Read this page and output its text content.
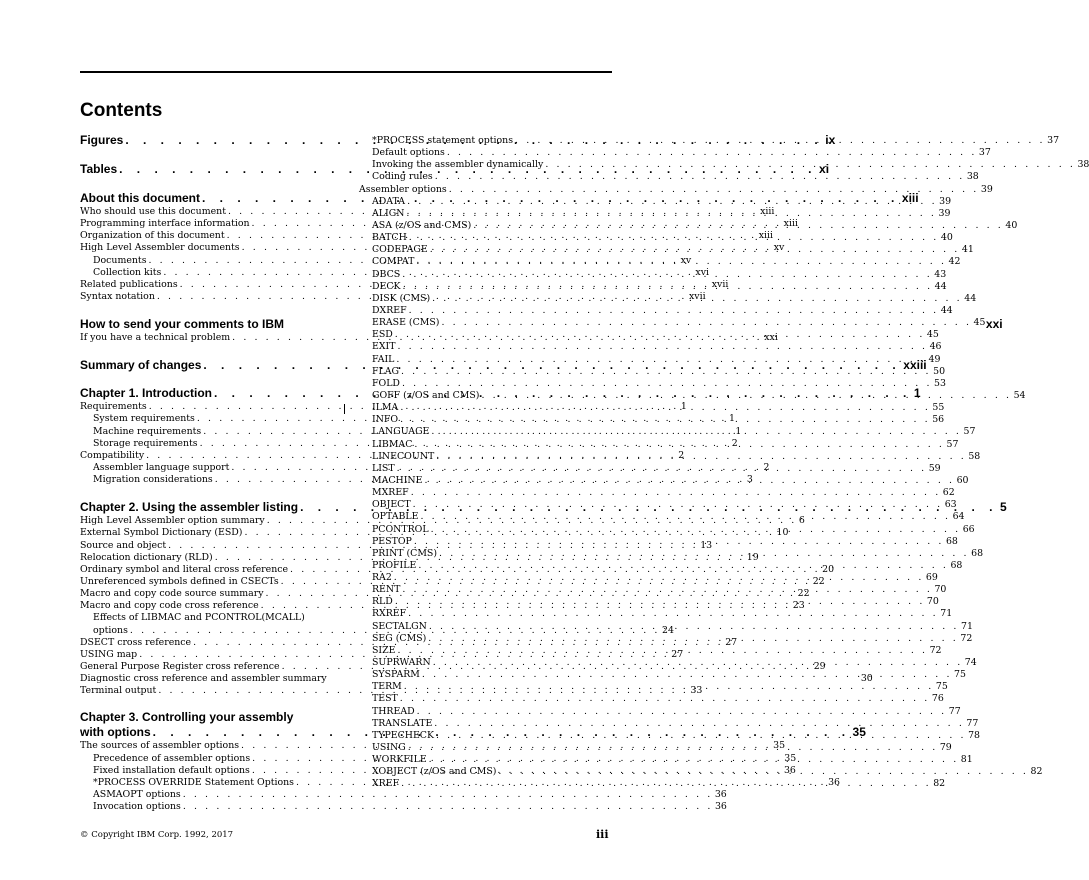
Contents
Figures . . .	ix
Tables . . .	xi
About this document . . .	xiii
Who should use this document . . .	xiii
Programming interface information . . .	xiii
Organization of this document . . .	xiii
High Level Assembler documents . . .	xv
Documents . . .	xv
Collection kits . . .	xvi
Related publications . . .	xvii
Syntax notation . . .	xvii
How to send your comments to IBM	xxi
If you have a technical problem . . .	xxi
Summary of changes . . .	xxiii
Chapter 1. Introduction . . .	1
Requirements . . .	1
System requirements . . .	1
Machine requirements . . .	1
Storage requirements . . .	2
Compatibility . . .	2
Assembler language support . . .	2
Migration considerations . . .	3
Chapter 2. Using the assembler listing . . .	5
High Level Assembler option summary . . .	6
External Symbol Dictionary (ESD) . . .	10
Source and object . . .	13
Relocation dictionary (RLD) . . .	19
Ordinary symbol and literal cross reference . . .	20
Unreferenced symbols defined in CSECTs . . .	22
Macro and copy code source summary . . .	22
Macro and copy code cross reference . . .	23
Effects of LIBMAC and PCONTROL(MCALL)
options . . .	24
DSECT cross reference . . .	27
USING map . . .	27
General Purpose Register cross reference . . .	29
Diagnostic cross reference and assembler summary	30
Terminal output . . .	33
Chapter 3. Controlling your assembly
with options . . .	35
The sources of assembler options . . .	35
Precedence of assembler options . . .	35
Fixed installation default options . . .	36
*PROCESS OVERRIDE Statement Options . . .	36
ASMAOPT options . . .	36
Invocation options . . .	36
*PROCESS statement options . . .	37
Default options . . .	37
Invoking the assembler dynamically . . .	38
Coding rules . . .	38
Assembler options . . .	39
ADATA . . .	39
ALIGN . . .	39
ASA (z/OS and CMS) . . .	40
BATCH . . .	40
CODEPAGE . . .	41
COMPAT . . .	42
DBCS . . .	43
DECK . . .	44
DISK (CMS) . . .	44
DXREF . . .	44
ERASE (CMS) . . .	45
ESD . . .	45
EXIT . . .	46
FAIL . . .	49
FLAG . . .	50
FOLD . . .	53
GOFF (z/OS and CMS) . . .	54
ILMA . . .	55
INFO . . .	56
LANGUAGE . . .	57
LIBMAC . . .	57
LINECOUNT . . .	58
LIST . . .	59
MACHINE . . .	60
MXREF . . .	62
OBJECT . . .	63
OPTABLE . . .	64
PCONTROL . . .	66
PESTOP . . .	68
PRINT (CMS) . . .	68
PROFILE . . .	68
RA2 . . .	69
RENT . . .	70
RLD . . .	70
RXREF . . .	71
SECTALGN . . .	71
SEG (CMS) . . .	72
SIZE . . .	72
SUPRWARN . . .	74
SYSPARM . . .	75
TERM . . .	75
TEST . . .	76
THREAD . . .	77
TRANSLATE . . .	77
TYPECHECK . . .	78
USING . . .	79
WORKFILE . . .	81
XOBJECT (z/OS and CMS) . . .	82
XREF . . .	82
© Copyright IBM Corp. 1992, 2017	iii
